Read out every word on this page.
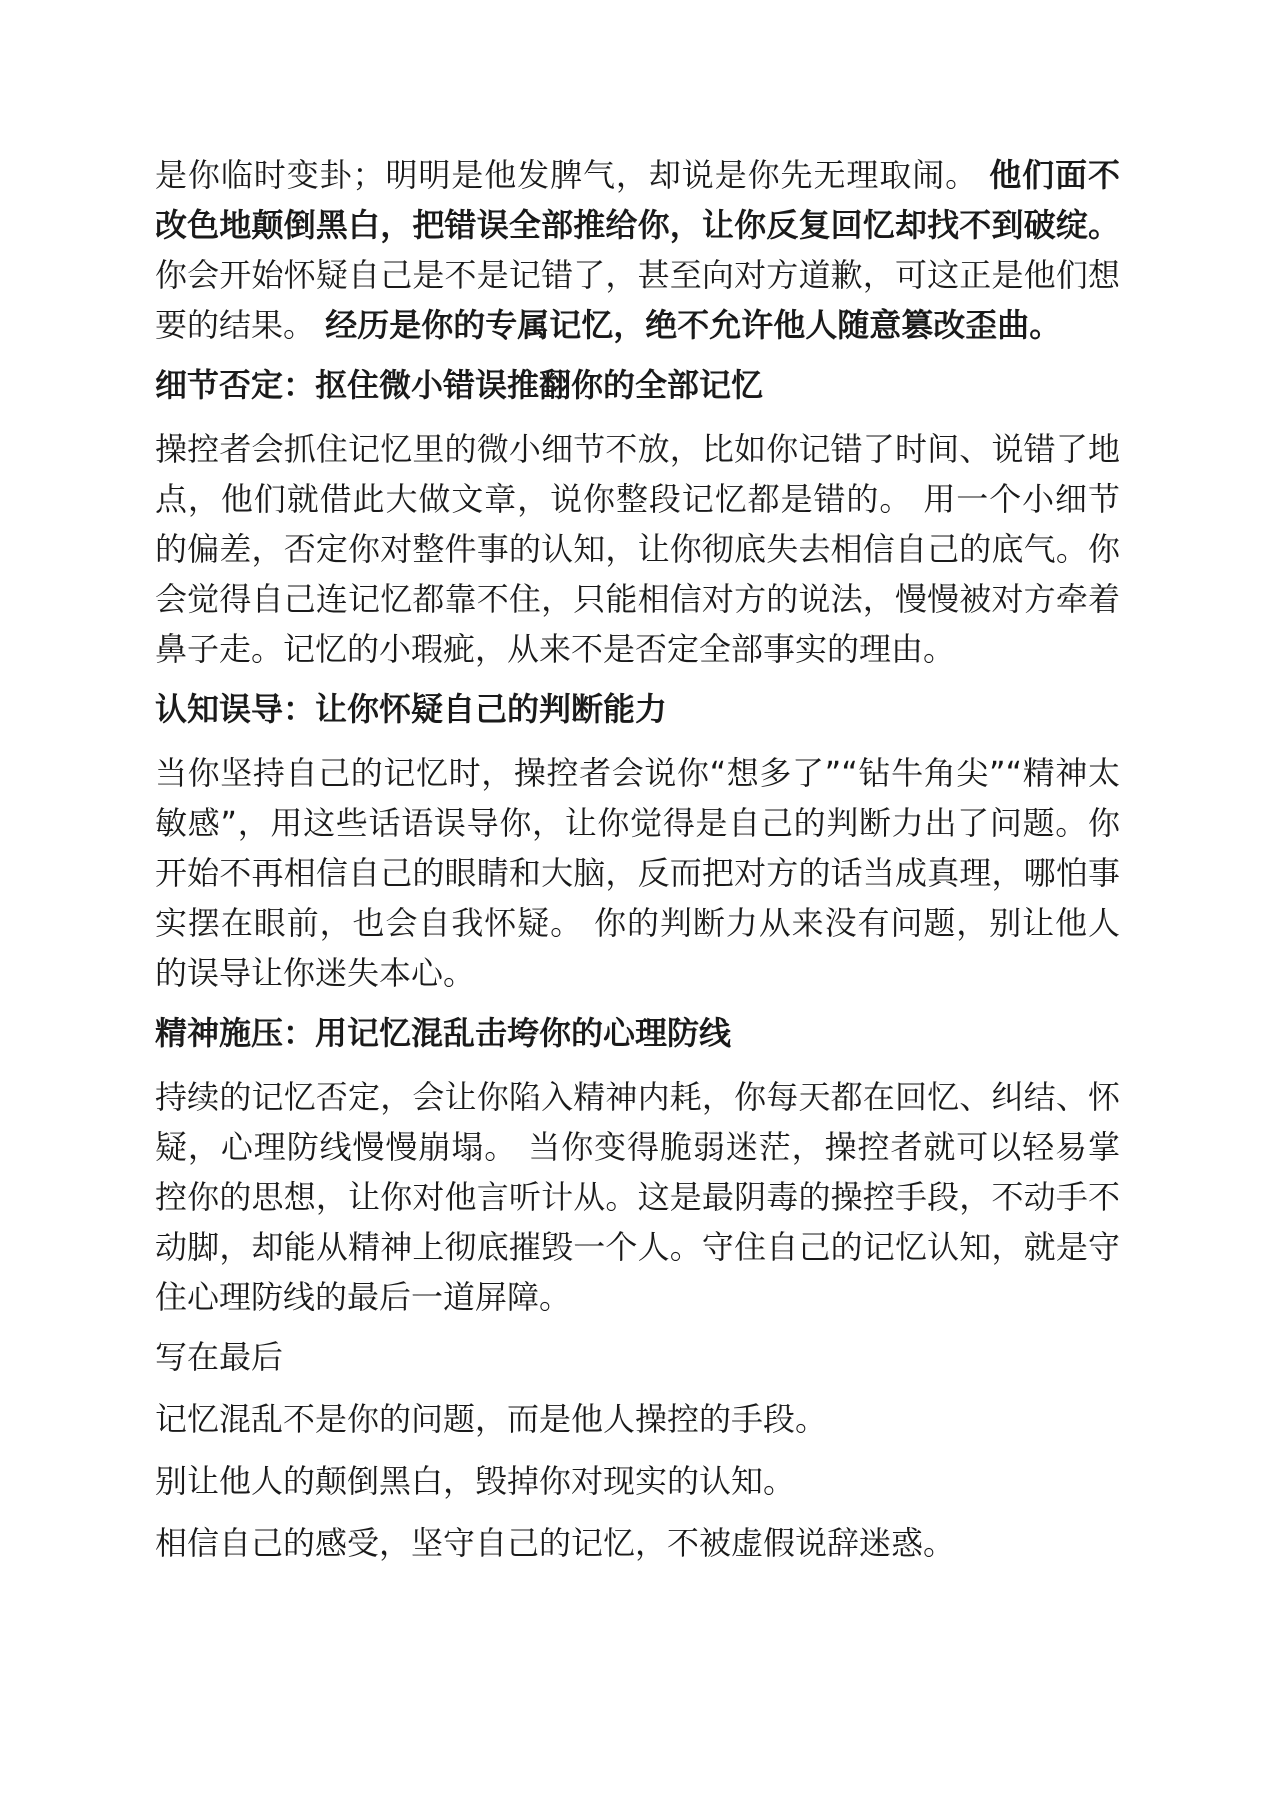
是你临时变卦；明明是他发脾气，却说是你先无理取闹。 他们面不改色地颠倒黑白，把错误全部推给你，让你反复回忆却找不到破绽。你会开始怀疑自己是不是记错了，甚至向对方道歉，可这正是他们想要的结果。 经历是你的专属记忆，绝不允许他人随意篡改歪曲。

细节否定：抠住微小错误推翻你的全部记忆

操控者会抓住记忆里的微小细节不放，比如你记错了时间、说错了地点，他们就借此大做文章，说你整段记忆都是错的。 用一个小细节的偏差，否定你对整件事的认知，让你彻底失去相信自己的底气。你会觉得自己连记忆都靠不住，只能相信对方的说法，慢慢被对方牵着鼻子走。记忆的小瑕疵，从来不是否定全部事实的理由。

认知误导：让你怀疑自己的判断能力

当你坚持自己的记忆时，操控者会说你“想多了”“钻牛角尖”“精神太敏感”，用这些话语误导你，让你觉得是自己的判断力出了问题。你开始不再相信自己的眼睛和大脑，反而把对方的话当成真理，哪怕事实摆在眼前，也会自我怀疑。 你的判断力从来没有问题，别让他人的误导让你迷失本心。

精神施压：用记忆混乱击垮你的心理防线

持续的记忆否定，会让你陷入精神内耗，你每天都在回忆、纠结、怀疑，心理防线慢慢崩塌。 当你变得脆弱迷茫，操控者就可以轻易掌控你的思想，让你对他言听计从。这是最阴毒的操控手段，不动手不动脚，却能从精神上彻底摧毁一个人。守住自己的记忆认知，就是守住心理防线的最后一道屏障。

写在最后
记忆混乱不是你的问题，而是他人操控的手段。
别让他人的颠倒黑白，毁掉你对现实的认知。
相信自己的感受，坚守自己的记忆，不被虚假说辞迷惑。
